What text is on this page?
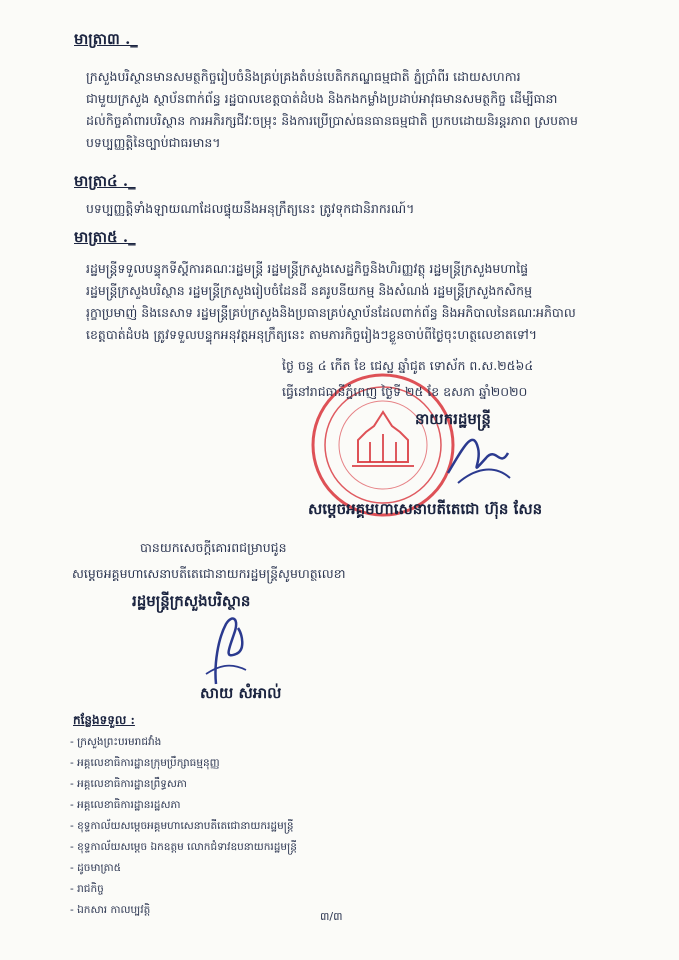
មាត្រា៣ ._
ក្រសួងបរិស្ថានមានសមត្ថកិច្ចរៀបចំនិងគ្រប់គ្រងតំបន់បេតិកភណ្ឌធម្មជាតិ ភ្នំប្រាំពីរ ដោយសហការ
ជាមួយក្រសួង ស្ថាប័នពាក់ព័ន្ធ រដ្ឋបាលខេត្តបាត់ដំបង និងកងកម្លាំងប្រដាប់អាវុធមានសមត្ថកិច្ច ដើម្បីធានា
ដល់កិច្ចគាំពារបរិស្ថាន ការអភិរក្សជីវៈចម្រុះ និងការប្រើប្រាស់ធនធានធម្មជាតិ ប្រកបដោយនិរន្តរភាព ស្របតាម
បទប្បញ្ញត្តិនៃច្បាប់ជាធរមាន។
មាត្រា៤ ._
បទប្បញ្ញត្តិទាំងឡាយណាដែលផ្ទុយនឹងអនុក្រឹត្យនេះ ត្រូវទុកជានិរាករណ៍។
មាត្រា៥ ._
រដ្ឋមន្ត្រីទទួលបន្ទុកទីស្តីការគណៈរដ្ឋមន្ត្រី រដ្ឋមន្ត្រីក្រសួងសេដ្ឋកិច្ចនិងហិរញ្ញវត្ថុ រដ្ឋមន្ត្រីក្រសួងមហាផ្ទៃ
រដ្ឋមន្ត្រីក្រសួងបរិស្ថាន រដ្ឋមន្ត្រីក្រសួងរៀបចំដែនដី នគរូបនីយកម្ម និងសំណង់ រដ្ឋមន្ត្រីក្រសួងកសិកម្ម
រុក្ខាប្រមាញ់ និងនេសាទ រដ្ឋមន្ត្រីគ្រប់ក្រសួងនិងប្រធានគ្រប់ស្ថាប័នដែលពាក់ព័ន្ធ និងអភិបាលនៃគណៈអភិបាល
ខេត្តបាត់ដំបង ត្រូវទទួលបន្ទុកអនុវត្តអនុក្រឹត្យនេះ តាមភារកិច្ចរៀងៗខ្លួនចាប់ពីថ្ងៃចុះហត្ថលេខាតទៅ។
ថ្ងៃ ចន្ទ ៤ កើត ខែ ជេស្ឋ ឆ្នាំជូត ទោស័ក ព.ស.២៥៦៤
ធ្វើនៅរាជធានីភ្នំពេញ ថ្ងៃទី ២៥ ខែ ឧសភា ឆ្នាំ២០២០
នាយករដ្ឋមន្ត្រី
សម្តេចអគ្គមហាសេនាបតីតេជោ ហ៊ុន សែន
បានយកសេចក្តីគោរពជម្រាបជូន
សម្តេចអគ្គមហាសេនាបតីតេជោនាយករដ្ឋមន្ត្រីសូមហត្ថលេខា
រដ្ឋមន្ត្រីក្រសួងបរិស្ថាន
សាយ សំអាល់
កន្លែងទទួល :
- ក្រសួងព្រះបរមរាជវាំង
- អគ្គលេខាធិការដ្ឋានក្រុមប្រឹក្សាធម្មនុញ្ញ
- អគ្គលេខាធិការដ្ឋានព្រឹទ្ធសភា
- អគ្គលេខាធិការដ្ឋានរដ្ឋសភា
- ខុទ្ទកាល័យសម្តេចអគ្គមហាសេនាបតីតេជោនាយករដ្ឋមន្ត្រី
- ខុទ្ទកាល័យសម្តេច ឯកឧត្តម លោកជំទាវឧបនាយករដ្ឋមន្ត្រី
- ដូចមាត្រា៥
- រាជកិច្ច
- ឯកសារ កាលប្បវត្តិ	៣/៣
